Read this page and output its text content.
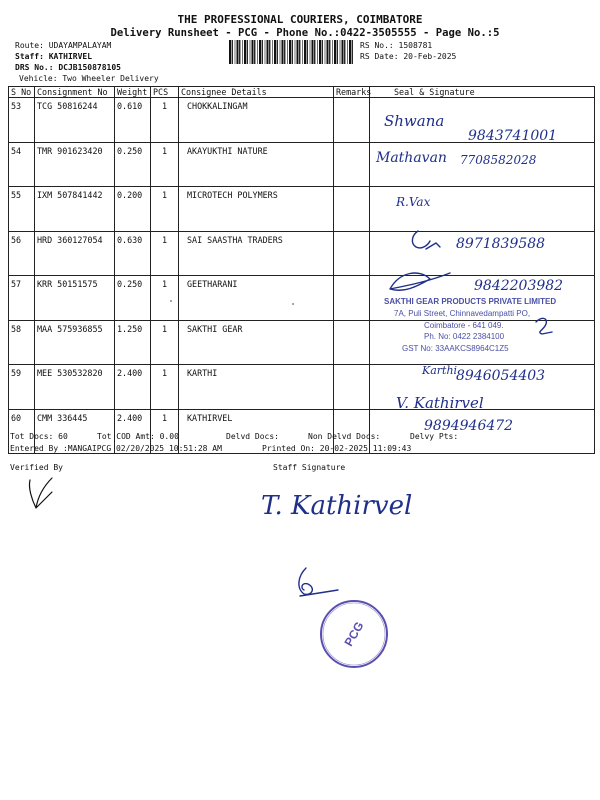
THE PROFESSIONAL COURIERS, COIMBATORE
Delivery Runsheet - PCG - Phone No.:0422-3505555 - Page No.:5
Route: UDAYAMPALAYAM
Staff: KATHIRVEL
DRS No.: DCJB150878105
Vehicle: Two Wheeler Delivery
RS No.: 1508781
RS Date: 20-Feb-2025
S No	Consignment No	Weight	PCS	Consignee Details	Remarks	Seal & Signature
53	TCG 50816244	0.610	1	CHOKKALINGAM		
54	TMR 901623420	0.250	1	AKAYUKTHI NATURE		
55	IXM 507841442	0.200	1	MICROTECH POLYMERS		
56	HRD 360127054	0.630	1	SAI SAASTHA TRADERS		
57	KRR 50151575	0.250	1	GEETHARANI		
58	MAA 575936855	1.250	1	SAKTHI GEAR		
59	MEE 530532820	2.400	1	KARTHI		
60	CMM 336445	2.400	1	KATHIRVEL		
Shwana
9843741001
Mathavan 7708582028
R.Vax
8971839588
9842203982
Karthi
8946054403
V. Kathirvel
9894946472
SAKTHI GEAR PRODUCTS PRIVATE LIMITED
7A, Puli Street, Chinnavedampatti PO,
Coimbatore - 641 049.
Ph. No: 0422 2384100
GST No: 33AAKCS8964C1Z5
Tot Docs: 60	Tot COD Amt: 0.00	Delvd Docs:	Non Delvd Docs:	Delvy Pts:
Entered By :MANGAIPCG 02/20/2025 10:51:28 AM	Printed On: 20-02-2025 11:09:43
Verified By	Staff Signature
T. Kathirvel
PCG
